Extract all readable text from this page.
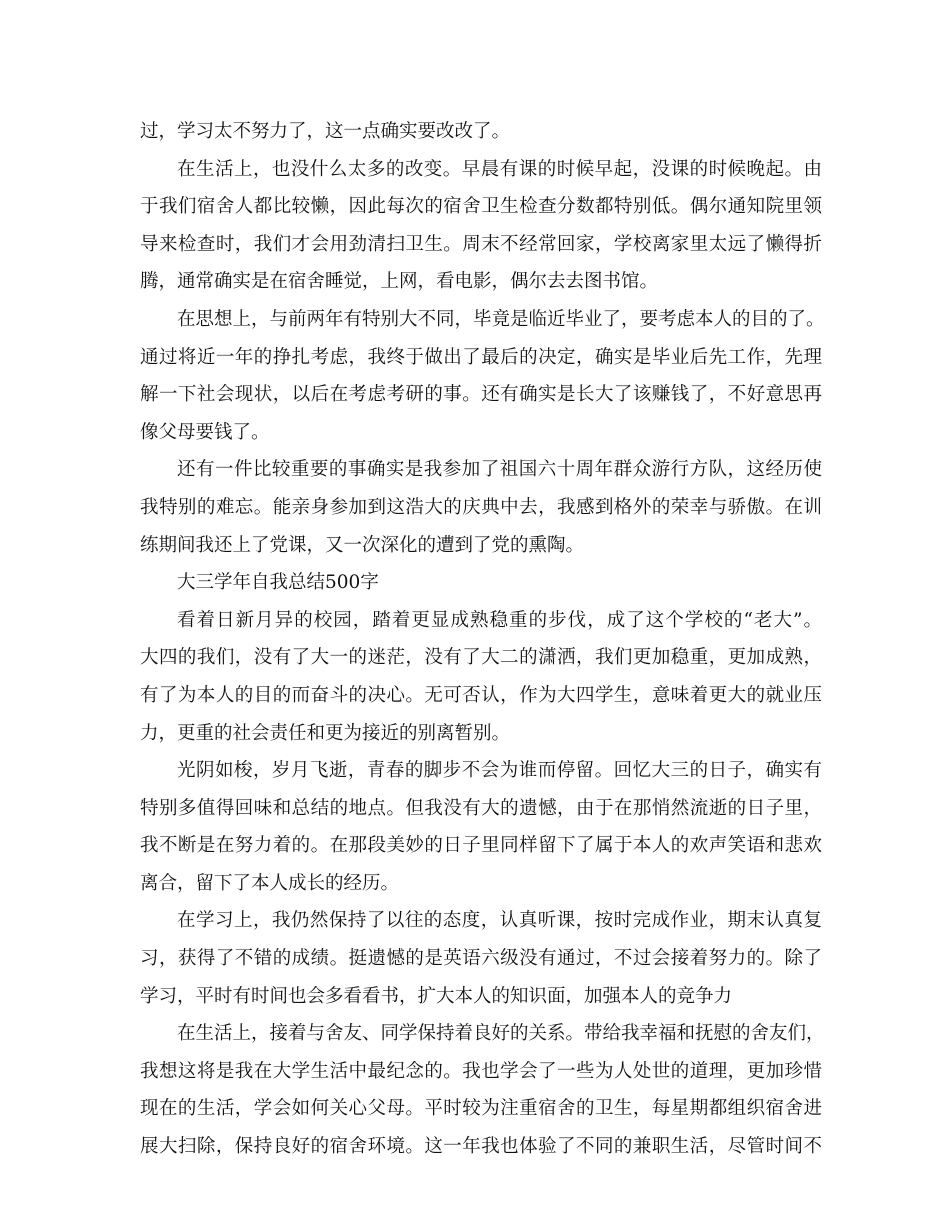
过，学习太不努力了，这一点确实要改改了。
在生活上，也没什么太多的改变。早晨有课的时候早起，没课的时候晚起。由
于我们宿舍人都比较懒，因此每次的宿舍卫生检查分数都特别低。偶尔通知院里领
导来检查时，我们才会用劲清扫卫生。周末不经常回家，学校离家里太远了懒得折
腾，通常确实是在宿舍睡觉，上网，看电影，偶尔去去图书馆。
在思想上，与前两年有特别大不同，毕竟是临近毕业了，要考虑本人的目的了。
通过将近一年的挣扎考虑，我终于做出了最后的决定，确实是毕业后先工作，先理
解一下社会现状，以后在考虑考研的事。还有确实是长大了该赚钱了，不好意思再
像父母要钱了。
还有一件比较重要的事确实是我参加了祖国六十周年群众游行方队，这经历使
我特别的难忘。能亲身参加到这浩大的庆典中去，我感到格外的荣幸与骄傲。在训
练期间我还上了党课，又一次深化的遭到了党的熏陶。
大三学年自我总结500字
看着日新月异的校园，踏着更显成熟稳重的步伐，成了这个学校的“老大”。
大四的我们，没有了大一的迷茫，没有了大二的潇洒，我们更加稳重，更加成熟，
有了为本人的目的而奋斗的决心。无可否认，作为大四学生，意味着更大的就业压
力，更重的社会责任和更为接近的别离暂别。
光阴如梭，岁月飞逝，青春的脚步不会为谁而停留。回忆大三的日子，确实有
特别多值得回味和总结的地点。但我没有大的遗憾，由于在那悄然流逝的日子里，
我不断是在努力着的。在那段美妙的日子里同样留下了属于本人的欢声笑语和悲欢
离合，留下了本人成长的经历。
在学习上，我仍然保持了以往的态度，认真听课，按时完成作业，期末认真复
习，获得了不错的成绩。挺遗憾的是英语六级没有通过，不过会接着努力的。除了
学习，平时有时间也会多看看书，扩大本人的知识面，加强本人的竞争力
在生活上，接着与舍友、同学保持着良好的关系。带给我幸福和抚慰的舍友们，
我想这将是我在大学生活中最纪念的。我也学会了一些为人处世的道理，更加珍惜
现在的生活，学会如何关心父母。平时较为注重宿舍的卫生，每星期都组织宿舍进
展大扫除，保持良好的宿舍环境。这一年我也体验了不同的兼职生活，尽管时间不
